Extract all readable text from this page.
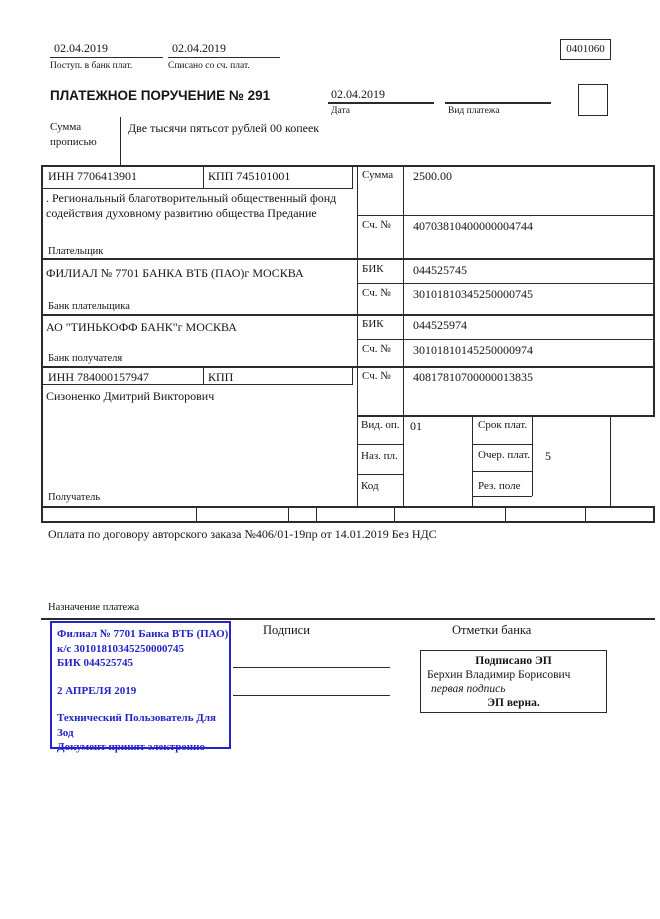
02.04.2019
Поступ. в банк плат.
02.04.2019
Списано со сч. плат.
0401060
ПЛАТЕЖНОЕ ПОРУЧЕНИЕ № 291	02.04.2019
Дата	Вид платежа
Сумма
прописью
Две тысячи пятьсот рублей 00 копеек
ИНН 7706413901	КПП 745101001	Сумма 2500.00
. Региональный благотворительный общественный фонд содействия духовному развитию общества Предание
Плательщик
Сч. № 40703810400000004744
ФИЛИАЛ № 7701 БАНКА ВТБ (ПАО)г МОСКВА	БИК 044525745
Сч. № 30101810345250000745
Банк плательщика
АО "ТИНЬКОФФ БАНК"г МОСКВА	БИК 044525974
Сч. № 30101810145250000974
Банк получателя
ИНН 784000157947	КПП	Сч. № 40817810700000013835
Сизоненко Дмитрий Викторович
Получатель
Вид. оп. 01
Наз. пл.
Код
Срок плат.
Очер. плат. 5
Рез. поле
Оплата по договору авторского заказа №406/01-19пр от 14.01.2019 Без НДС
Назначение платежа
Филиал № 7701 Банка ВТБ (ПАО)
к/с 30101810345250000745
БИК 044525745
2 АПРЕЛЯ 2019
Технический Пользователь Для
Зод
Документ принят электронно
Подписи	Отметки банка
Подписано ЭП
Берхин Владимир Борисович
первая подпись
ЭП верна.
